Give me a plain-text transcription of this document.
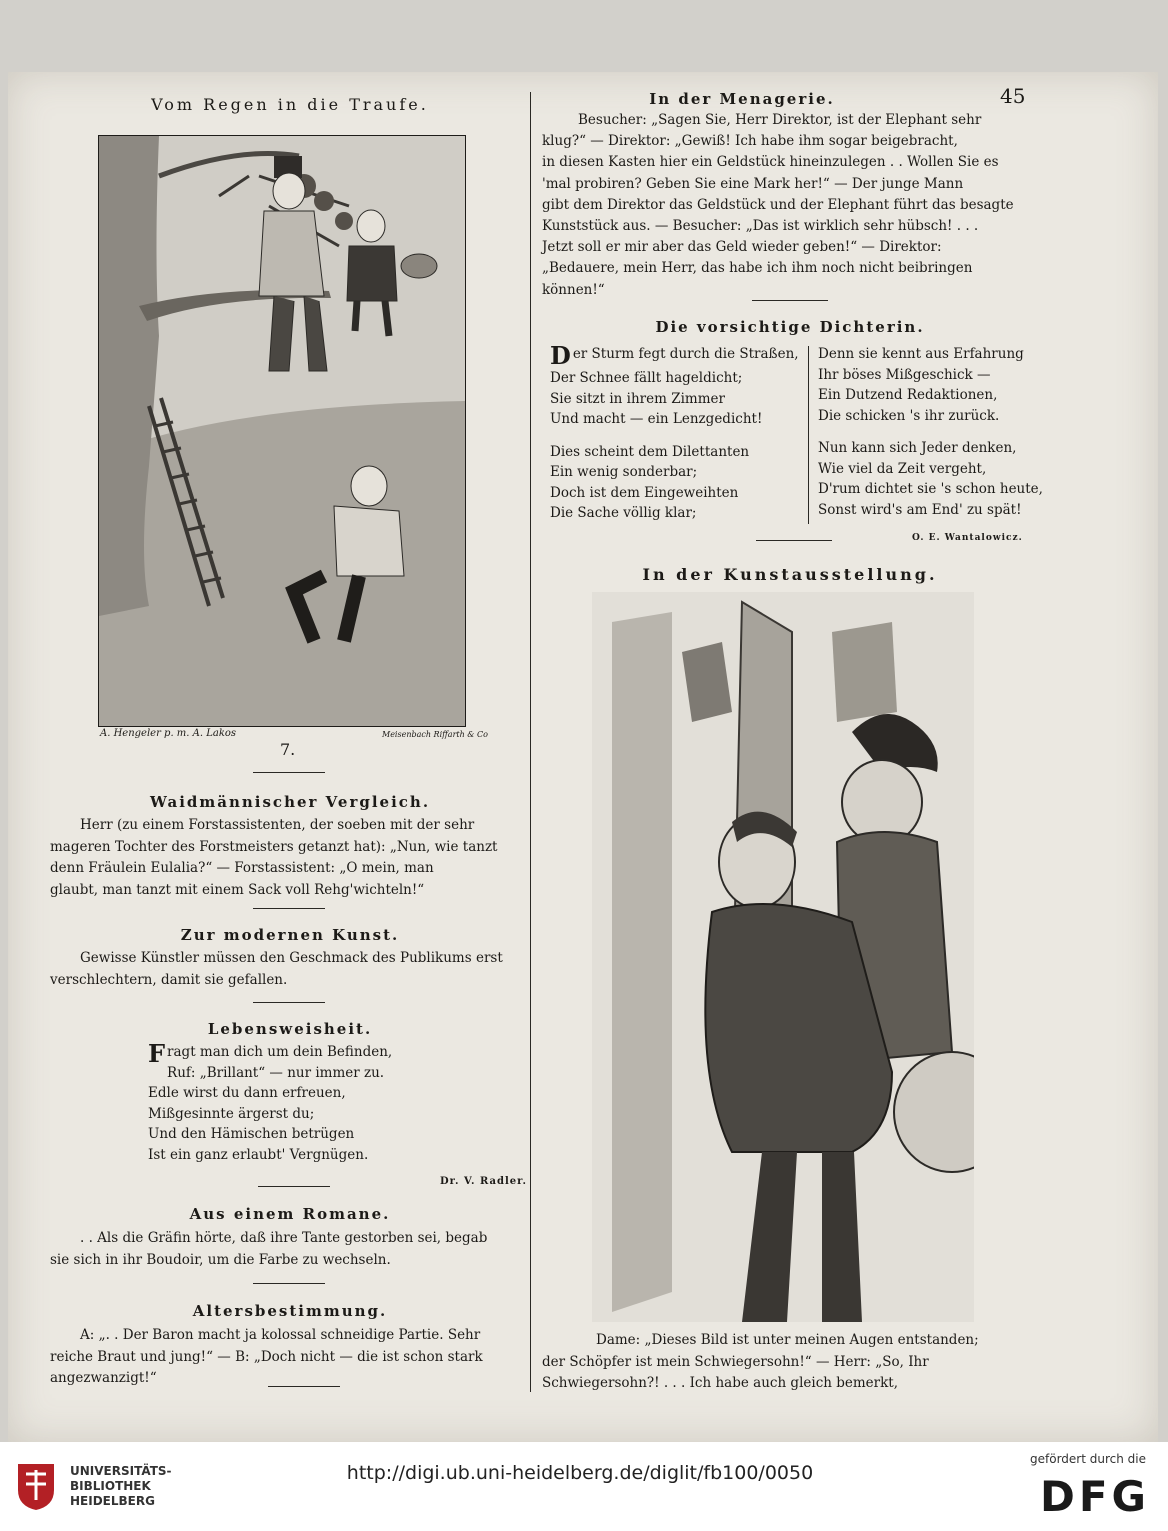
Vom Regen in die Traufe.
A. Hengeler p. m. A. Lakos	Meisenbach Riffarth & Co
7.
Waidmännischer Vergleich.
Herr (zu einem Forstassistenten, der soeben mit der sehr
mageren Tochter des Forstmeisters getanzt hat): „Nun, wie tanzt
denn Fräulein Eulalia?“ — Forstassistent: „O mein, man
glaubt, man tanzt mit einem Sack voll Rehg'wichteln!“
Zur modernen Kunst.
Gewisse Künstler müssen den Geschmack des Publikums erst
verschlechtern, damit sie gefallen.
Lebensweisheit.
F ragt man dich um dein Befinden,
Ruf: „Brillant“ — nur immer zu.
Edle wirst du dann erfreuen,
Mißgesinnte ärgerst du;
Und den Hämischen betrügen
Ist ein ganz erlaubt' Vergnügen.
Dr. V. Radler.
Aus einem Romane.
. . Als die Gräfin hörte, daß ihre Tante gestorben sei, begab
sie sich in ihr Boudoir, um die Farbe zu wechseln.
Altersbestimmung.
A: „. . Der Baron macht ja kolossal schneidige Partie. Sehr
reiche Braut und jung!“ — B: „Doch nicht — die ist schon stark
angezwanzigt!“
In der Menagerie.	45
Besucher: „Sagen Sie, Herr Direktor, ist der Elephant sehr
klug?“ — Direktor: „Gewiß! Ich habe ihm sogar beigebracht,
in diesen Kasten hier ein Geldstück hineinzulegen . . Wollen Sie es
'mal probiren? Geben Sie eine Mark her!“ — Der junge Mann
gibt dem Direktor das Geldstück und der Elephant führt das besagte
Kunststück aus. — Besucher: „Das ist wirklich sehr hübsch! . . .
Jetzt soll er mir aber das Geld wieder geben!“ — Direktor:
„Bedauere, mein Herr, das habe ich ihm noch nicht beibringen
können!“
Die vorsichtige Dichterin.
D er Sturm fegt durch die Straßen,
Der Schnee fällt hageldicht;
Sie sitzt in ihrem Zimmer
Und macht — ein Lenzgedicht!
Dies scheint dem Dilettanten
Ein wenig sonderbar;
Doch ist dem Eingeweihten
Die Sache völlig klar;
Denn sie kennt aus Erfahrung
Ihr böses Mißgeschick —
Ein Dutzend Redaktionen,
Die schicken 's ihr zurück.
Nun kann sich Jeder denken,
Wie viel da Zeit vergeht,
D'rum dichtet sie 's schon heute,
Sonst wird's am End' zu spät!
O. E. Wantalowicz.
In der Kunstausstellung.
Dame: „Dieses Bild ist unter meinen Augen entstanden;
der Schöpfer ist mein Schwiegersohn!“ — Herr: „So, Ihr
Schwiegersohn?! . . . Ich habe auch gleich bemerkt,
UNIVERSITÄTS-
BIBLIOTHEK
HEIDELBERG
http://digi.ub.uni-heidelberg.de/diglit/fb100/0050
gefördert durch die
DFG
